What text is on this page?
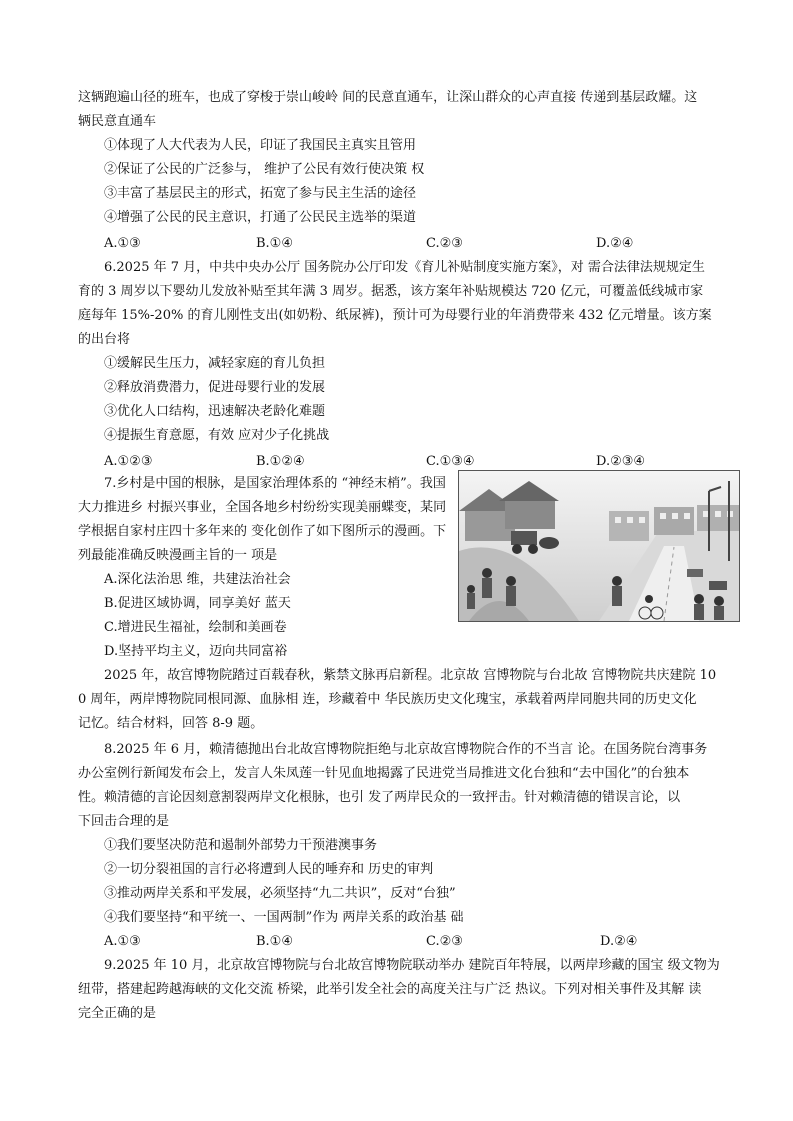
这辆跑遍山径的班车，也成了穿梭于崇山峻岭 间的民意直通车，让深山群众的心声直接 传递到基层政耀。这
辆民意直通车
①体现了人大代表为人民，印证了我国民主真实且管用
②保证了公民的广泛参与， 维护了公民有效行使决策 权
③丰富了基层民主的形式，拓宽了参与民主生活的途径
④增强了公民的民主意识，打通了公民民主选举的渠道
A.①③	B.①④	C.②③	D.②④
6.2025 年 7 月，中共中央办公厅 国务院办公厅印发《育儿补贴制度实施方案》，对 需合法律法规规定生
育的 3 周岁以下婴幼儿发放补贴至其年满 3 周岁。据悉，该方案年补贴规模达 720 亿元，可覆盖低线城市家
庭每年 15%-20% 的育儿刚性支出(如奶粉、纸尿裤)，预计可为母婴行业的年消费带来 432 亿元增量。该方案
的出台将
①缓解民生压力，减轻家庭的育儿负担
②释放消费潜力，促进母婴行业的发展
③优化人口结构，迅速解决老龄化难题
④提振生育意愿，有效 应对少子化挑战
A.①②③	B.①②④	C.①③④	D.②③④
7.乡村是中国的根脉，是国家治理体系的 “神经末梢”。我国
大力推进乡 村振兴事业，全国各地乡村纷纷实现美丽蝶变，某同
学根据自家村庄四十多年来的 变化创作了如下图所示的漫画。下
列最能准确反映漫画主旨的一 项是
A.深化法治思 维，共建法治社会
B.促进区域协调，同享美好 蓝天
C.增进民生福祉，绘制和美画卷
D.坚持平均主义，迈向共同富裕
2025 年，故宫博物院踏过百载春秋，紫禁文脉再启新程。北京故 宫博物院与台北故 宫博物院共庆建院 10
0 周年，两岸博物院同根同源、血脉相 连，珍藏着中 华民族历史文化瑰宝，承载着两岸同胞共同的历史文化
记忆。结合材料，回答 8-9 题。
8.2025 年 6 月，赖清德抛出台北故宫博物院拒绝与北京故宫博物院合作的不当言 论。在国务院台湾事务
办公室例行新闻发布会上，发言人朱凤莲一针见血地揭露了民进党当局推进文化台独和“去中国化”的台独本
性。赖清德的言论因刻意割裂两岸文化根脉，也引 发了两岸民众的一致抨击。针对赖清德的错误言论，以
下回击合理的是
①我们要坚决防范和遏制外部势力干预港澳事务
②一切分裂祖国的言行必将遭到人民的唾弃和 历史的审判
③推动两岸关系和平发展，必须坚持“九二共识”，反对“台独”
④我们要坚持“和平统一、一国两制”作为 两岸关系的政治基 础
A.①③	B.①④	C.②③	D.②④
9.2025 年 10 月，北京故宫博物院与台北故宫博物院联动举办 建院百年特展，以两岸珍藏的国宝 级文物为
纽带，搭建起跨越海峡的文化交流 桥梁，此举引发全社会的高度关注与广泛 热议。下列对相关事件及其解 读
完全正确的是
